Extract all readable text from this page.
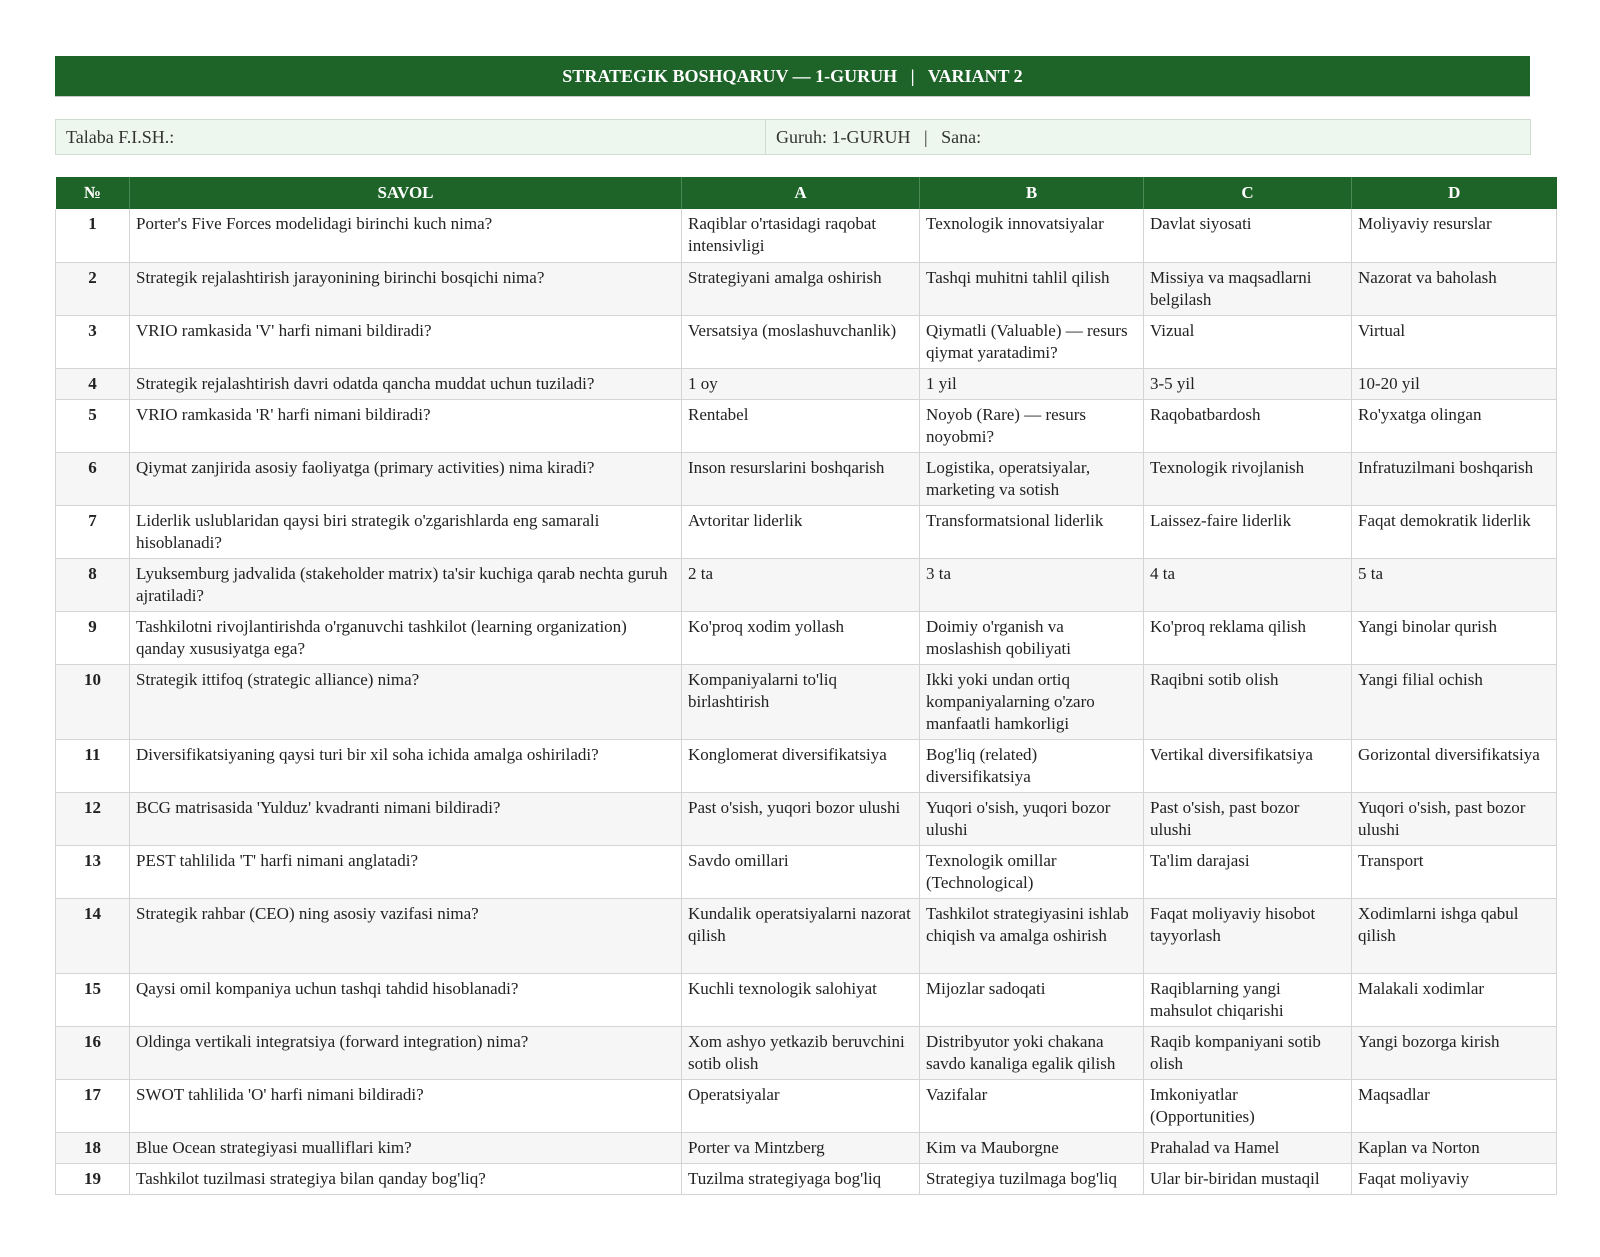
STRATEGIK BOSHQARUV — 1-GURUH   |   VARIANT 2
Talaba F.I.SH.:	Guruh: 1-GURUH   |   Sana:
№	SAVOL	A	B	C	D
1	Porter's Five Forces modelidagi birinchi kuch nima?	Raqiblar o'rtasidagi raqobat intensivligi	Texnologik innovatsiyalar	Davlat siyosati	Moliyaviy resurslar
2	Strategik rejalashtirish jarayonining birinchi bosqichi nima?	Strategiyani amalga oshirish	Tashqi muhitni tahlil qilish	Missiya va maqsadlarni belgilash	Nazorat va baholash
3	VRIO ramkasida 'V' harfi nimani bildiradi?	Versatsiya (moslashuvchanlik)	Qiymatli (Valuable) — resurs qiymat yaratadimi?	Vizual	Virtual
4	Strategik rejalashtirish davri odatda qancha muddat uchun tuziladi?	1 oy	1 yil	3-5 yil	10-20 yil
5	VRIO ramkasida 'R' harfi nimani bildiradi?	Rentabel	Noyob (Rare) — resurs noyobmi?	Raqobatbardosh	Ro'yxatga olingan
6	Qiymat zanjirida asosiy faoliyatga (primary activities) nima kiradi?	Inson resurslarini boshqarish	Logistika, operatsiyalar, marketing va sotish	Texnologik rivojlanish	Infratuzilmani boshqarish
7	Liderlik uslublaridan qaysi biri strategik o'zgarishlarda eng samarali hisoblanadi?	Avtoritar liderlik	Transformatsional liderlik	Laissez-faire liderlik	Faqat demokratik liderlik
8	Lyuksemburg jadvalida (stakeholder matrix) ta'sir kuchiga qarab nechta guruh ajratiladi?	2 ta	3 ta	4 ta	5 ta
9	Tashkilotni rivojlantirishda o'rganuvchi tashkilot (learning organization) qanday xususiyatga ega?	Ko'proq xodim yollash	Doimiy o'rganish va moslashish qobiliyati	Ko'proq reklama qilish	Yangi binolar qurish
10	Strategik ittifoq (strategic alliance) nima?	Kompaniyalarni to'liq birlashtirish	Ikki yoki undan ortiq kompaniyalarning o'zaro manfaatli hamkorligi	Raqibni sotib olish	Yangi filial ochish
11	Diversifikatsiyaning qaysi turi bir xil soha ichida amalga oshiriladi?	Konglomerat diversifikatsiya	Bog'liq (related) diversifikatsiya	Vertikal diversifikatsiya	Gorizontal diversifikatsiya
12	BCG matrisasida 'Yulduz' kvadranti nimani bildiradi?	Past o'sish, yuqori bozor ulushi	Yuqori o'sish, yuqori bozor ulushi	Past o'sish, past bozor ulushi	Yuqori o'sish, past bozor ulushi
13	PEST tahlilida 'T' harfi nimani anglatadi?	Savdo omillari	Texnologik omillar (Technological)	Ta'lim darajasi	Transport
14	Strategik rahbar (CEO) ning asosiy vazifasi nima?	Kundalik operatsiyalarni nazorat qilish	Tashkilot strategiyasini ishlab chiqish va amalga oshirish	Faqat moliyaviy hisobot tayyorlash	Xodimlarni ishga qabul qilish
15	Qaysi omil kompaniya uchun tashqi tahdid hisoblanadi?	Kuchli texnologik salohiyat	Mijozlar sadoqati	Raqiblarning yangi mahsulot chiqarishi	Malakali xodimlar
16	Oldinga vertikali integratsiya (forward integration) nima?	Xom ashyo yetkazib beruvchini sotib olish	Distribyutor yoki chakana savdo kanaliga egalik qilish	Raqib kompaniyani sotib olish	Yangi bozorga kirish
17	SWOT tahlilida 'O' harfi nimani bildiradi?	Operatsiyalar	Vazifalar	Imkoniyatlar (Opportunities)	Maqsadlar
18	Blue Ocean strategiyasi mualliflari kim?	Porter va Mintzberg	Kim va Mauborgne	Prahalad va Hamel	Kaplan va Norton
19	Tashkilot tuzilmasi strategiya bilan qanday bog'liq?	Tuzilma strategiyaga bog'liq	Strategiya tuzilmaga bog'liq	Ular bir-biridan mustaqil	Faqat moliyaviy
